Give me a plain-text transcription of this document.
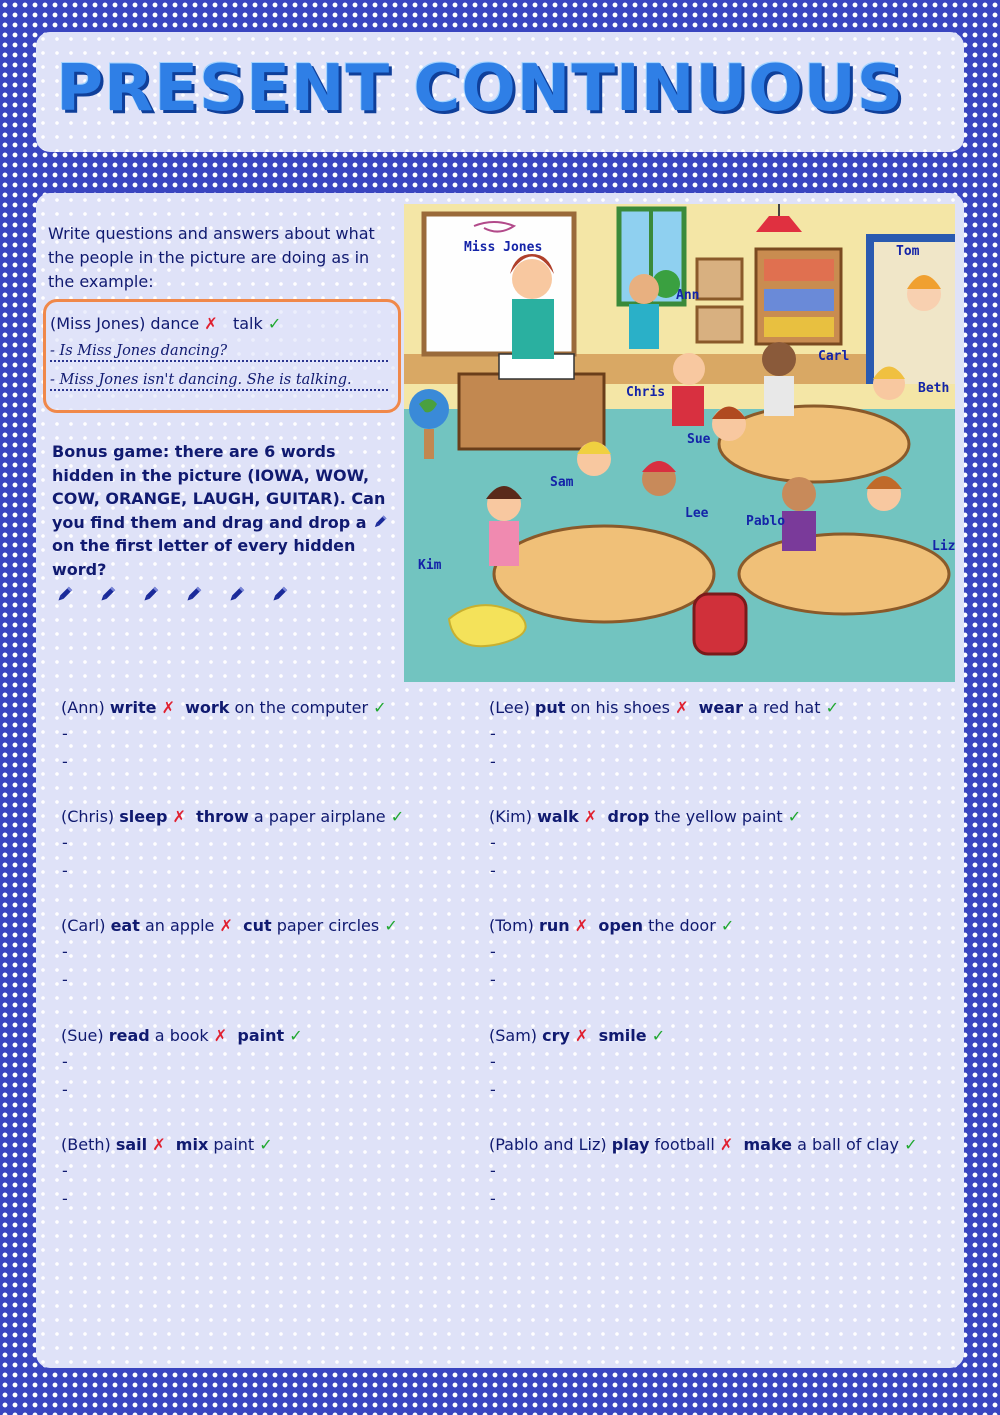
PRESENT CONTINUOUS
Write questions and answers about what the people in the picture are doing as in the example:
(Miss Jones) dance ✗ talk ✓
- Is Miss Jones dancing?
- Miss Jones isn't dancing. She is talking.
Bonus game: there are 6 words hidden in the picture (IOWA, WOW, COW, ORANGE, LAUGH, GUITAR). Can you find them and drag and drop a  on the first letter of every hidden word?
Miss Jones
Ann
Tom
Carl
Chris	Beth
Sue
Sam
Lee
Pablo
Liz
Kim
(Ann) write ✗ work on the computer ✓
-
-
(Lee) put on his shoes ✗ wear a red hat ✓
-
-
(Chris) sleep ✗ throw a paper airplane ✓
-
-
(Kim) walk ✗ drop the yellow paint ✓
-
-
(Carl) eat an apple ✗ cut paper circles ✓
-
-
(Tom) run ✗ open the door ✓
-
-
(Sue) read a book ✗ paint ✓
-
-
(Sam) cry ✗ smile ✓
-
-
(Beth) sail ✗ mix paint ✓
-
-
(Pablo and Liz) play football ✗ make a ball of clay ✓
-
-
